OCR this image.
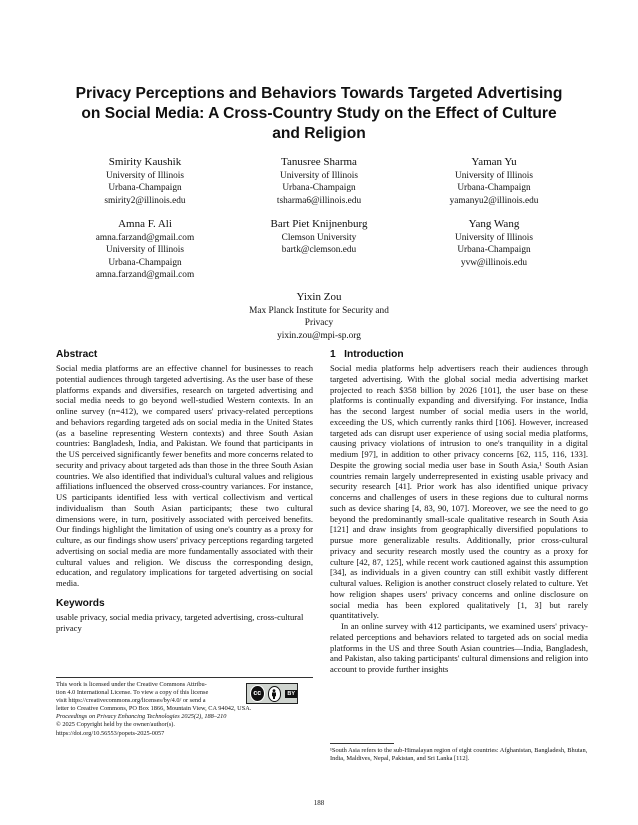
Privacy Perceptions and Behaviors Towards Targeted Advertising
on Social Media: A Cross-Country Study on the Effect of Culture
and Religion
Smirity Kaushik
University of Illinois
Urbana-Champaign
smirity2@illinois.edu
Tanusree Sharma
University of Illinois
Urbana-Champaign
tsharma6@illinois.edu
Yaman Yu
University of Illinois
Urbana-Champaign
yamanyu2@illinois.edu
Amna F. Ali
amna.farzand@gmail.com
University of Illinois
Urbana-Champaign
amna.farzand@gmail.com
Bart Piet Knijnenburg
Clemson University
bartk@clemson.edu
Yang Wang
University of Illinois
Urbana-Champaign
yvw@illinois.edu
Yixin Zou
Max Planck Institute for Security and
Privacy
yixin.zou@mpi-sp.org
Abstract
Social media platforms are an effective channel for businesses to reach potential audiences through targeted advertising. As the user base of these platforms expands and diversifies, research on targeted advertising and social media needs to go beyond well-studied Western contexts. In an online survey (n=412), we compared users' privacy-related perceptions and behaviors regarding targeted ads on social media in the United States (as a baseline representing Western contexts) and three South Asian countries: Bangladesh, India, and Pakistan. We found that participants in the US perceived significantly fewer benefits and more concerns related to security and privacy about targeted ads than those in the three South Asian countries. We also identified that individual's cultural values and religious affiliations influenced the observed cross-country variances. For instance, US participants identified less with vertical collectivism and vertical individualism than South Asian participants; these two cultural dimensions were, in turn, positively associated with perceived benefits. Our findings highlight the limitation of using one's country as a proxy for culture, as our findings show users' privacy perceptions regarding targeted advertising on social media are more fundamentally associated with their cultural values and religion. We discuss the corresponding design, education, and regulatory implications for targeted advertising on social media.
Keywords
usable privacy, social media privacy, targeted advertising, cross-cultural privacy
This work is licensed under the Creative Commons Attribu-
tion 4.0 International License. To view a copy of this license
visit https://creativecommons.org/licenses/by/4.0/ or send a
cc	BY
letter to Creative Commons, PO Box 1866, Mountain View, CA 94042, USA.
Proceedings on Privacy Enhancing Technologies 2025(2), 188–210
© 2025 Copyright held by the owner/author(s).
https://doi.org/10.56553/popets-2025-0057
1   Introduction

Social media platforms help advertisers reach their audiences through targeted advertising. With the global social media advertising market projected to reach $358 billion by 2026 [101], the user base on these platforms is continually expanding and diversifying. For instance, India has the second largest number of social media users in the world, exceeding the US, which currently ranks third [106]. However, increased targeted ads can disrupt user experience of using social media platforms, causing privacy violations of intrusion to one's tranquility in a digital medium [97], in addition to other privacy concerns [62, 115, 116, 133]. Despite the growing social media user base in South Asia,¹ South Asian countries remain largely underrepresented in existing usable privacy and security research [41]. Prior work has also identified unique privacy concerns and challenges of users in these regions due to cultural norms such as device sharing [4, 83, 90, 107]. Moreover, we see the need to go beyond the predominantly small-scale qualitative research in South Asia [121] and draw insights from geographically diversified populations to pursue more generalizable results. Additionally, prior cross-cultural privacy and security research mostly used the country as a proxy for culture [42, 87, 125], while recent work cautioned against this assumption [34], as individuals in a given country can still exhibit vastly different cultural values. Religion is another construct closely related to culture. Yet how religion shapes users' privacy concerns and online disclosure on social media has been explored qualitatively [1, 3] but rarely quantitatively.

In an online survey with 412 participants, we examined users' privacy-related perceptions and behaviors related to targeted ads on social media platforms in the US and three South Asian countries—India, Bangladesh, and Pakistan, also taking participants' cultural dimensions and religion into account to provide further insights

¹South Asia refers to the sub-Himalayan region of eight countries: Afghanistan, Bangladesh, Bhutan, India, Maldives, Nepal, Pakistan, and Sri Lanka [112].
188
